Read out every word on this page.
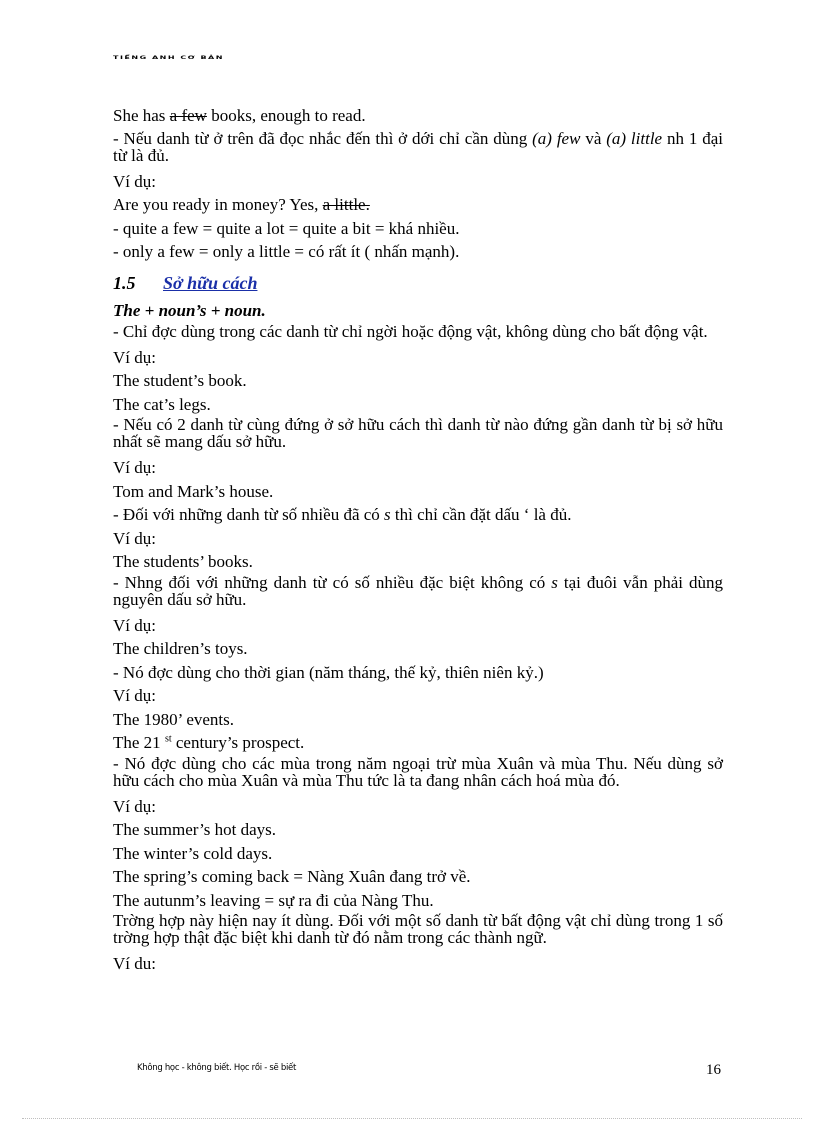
TIẾNG ANH CƠ BẢN

She has a few books, enough to read.

- Nếu danh từ ở trên đã đọc nhắc đến thì ở dới chỉ cần dùng (a) few và (a) little nh 1 đại từ là đủ.

Ví dụ:

Are you ready in money? Yes, a little.

- quite a few = quite a lot = quite a bit = khá nhiều.

- only a few = only a little = có rất ít ( nhấn mạnh).

1.5 Sở hữu cách

The + noun’s + noun.

- Chỉ đợc dùng trong các danh từ chỉ ngời hoặc động vật, không dùng cho bất động vật.

Ví dụ:

The student’s book.

The cat’s legs.

- Nếu có 2 danh từ cùng đứng ở sở hữu cách thì danh từ nào đứng gần danh từ bị sở hữu nhất sẽ mang dấu sở hữu.

Ví dụ:

Tom and Mark’s house.

- Đối với những danh từ số nhiều đã có s thì chỉ cần đặt dấu ‘ là đủ.

Ví dụ:

The students’ books.

- Nhng đối với những danh từ có số nhiều đặc biệt không có s tại đuôi vẫn phải dùng nguyên dấu sở hữu.

Ví dụ:

The children’s toys.

- Nó đợc dùng cho thời gian (năm tháng, thế kỷ, thiên niên kỷ.)

Ví dụ:

The 1980’ events.

The 21 $^{st}$ century’s prospect.

- Nó đợc dùng cho các mùa trong năm ngoại trừ mùa Xuân và mùa Thu. Nếu dùng sở hữu cách cho mùa Xuân và mùa Thu tức là ta đang nhân cách hoá mùa đó.

Ví dụ:

The summer’s hot days.

The winter’s cold days.

The spring’s coming back = Nàng Xuân đang trở về.

The autunm’s leaving = sự ra đi của Nàng Thu.

Trờng hợp này hiện nay ít dùng. Đối với một số danh từ bất động vật chỉ dùng trong 1 số trờng hợp thật đặc biệt khi danh từ đó nằm trong các thành ngữ.

Ví du:

Không học - không biết. Học rồi - sẽ biết	16
